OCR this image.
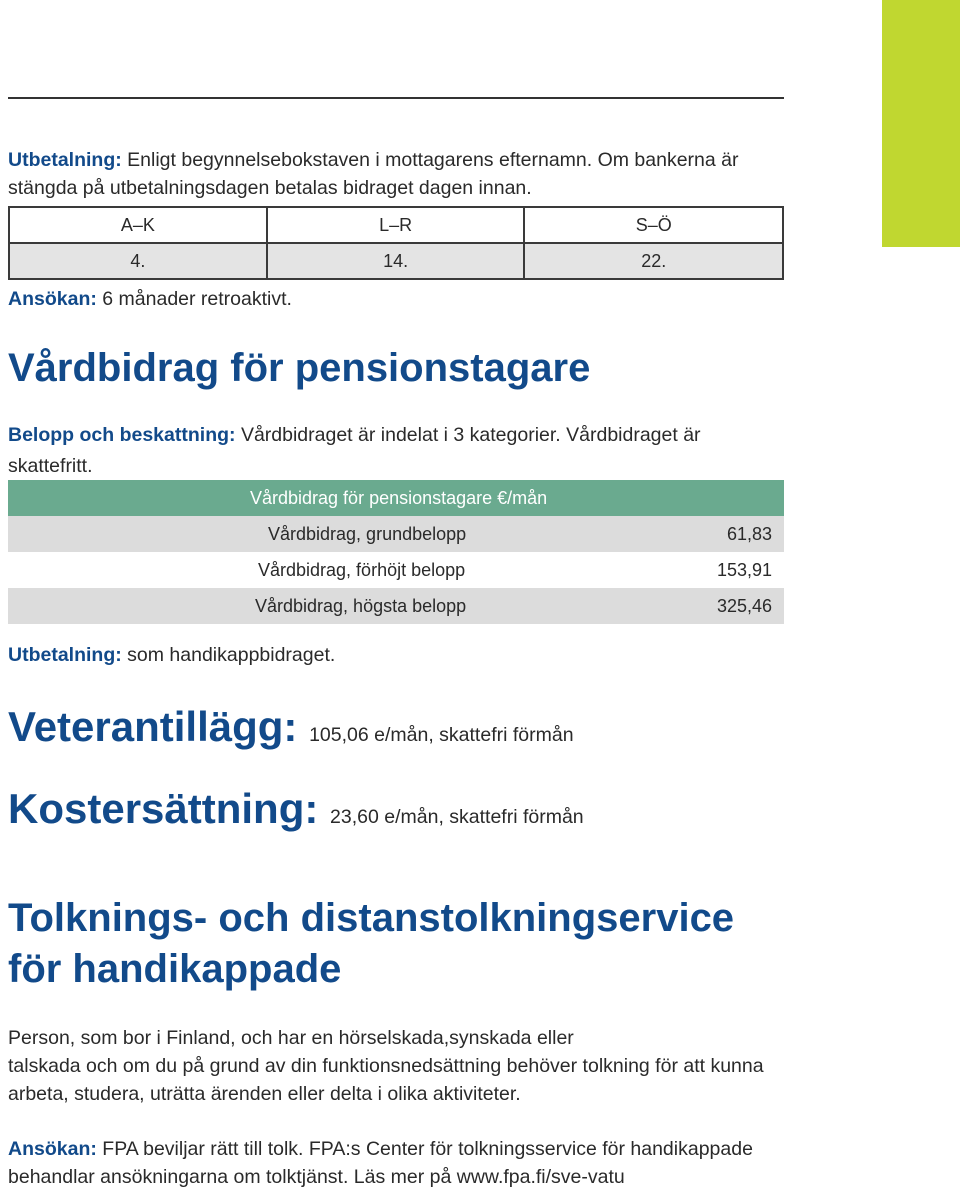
Utbetalning: Enligt begynnelsebokstaven i mottagarens efternamn. Om bankerna är
stängda på utbetalningsdagen betalas bidraget dagen innan.
A–K	L–R	S–Ö
4.	14.	22.
Ansökan: 6 månader retroaktivt.
Vårdbidrag för pensionstagare
Belopp och beskattning: Vårdbidraget är indelat i 3 kategorier. Vårdbidraget är
skattefritt.
Vårdbidrag för pensionstagare €/mån
Vårdbidrag, grundbelopp	61,83
Vårdbidrag, förhöjt belopp	153,91
Vårdbidrag, högsta belopp	325,46
Utbetalning: som handikappbidraget.
Veterantillägg: 105,06 e/mån, skattefri förmån
Kostersättning: 23,60 e/mån, skattefri förmån
Tolknings- och distanstolkningservice
för handikappade
Person, som bor i Finland, och har en hörselskada,synskada eller
talskada och om du på grund av din funktionsnedsättning behöver tolkning för att kunna
arbeta, studera, uträtta ärenden eller delta i olika aktiviteter.
Ansökan: FPA beviljar rätt till tolk. FPA:s Center för tolkningsservice för handikappade
behandlar ansökningarna om tolktjänst. Läs mer på www.fpa.fi/sve-vatu
